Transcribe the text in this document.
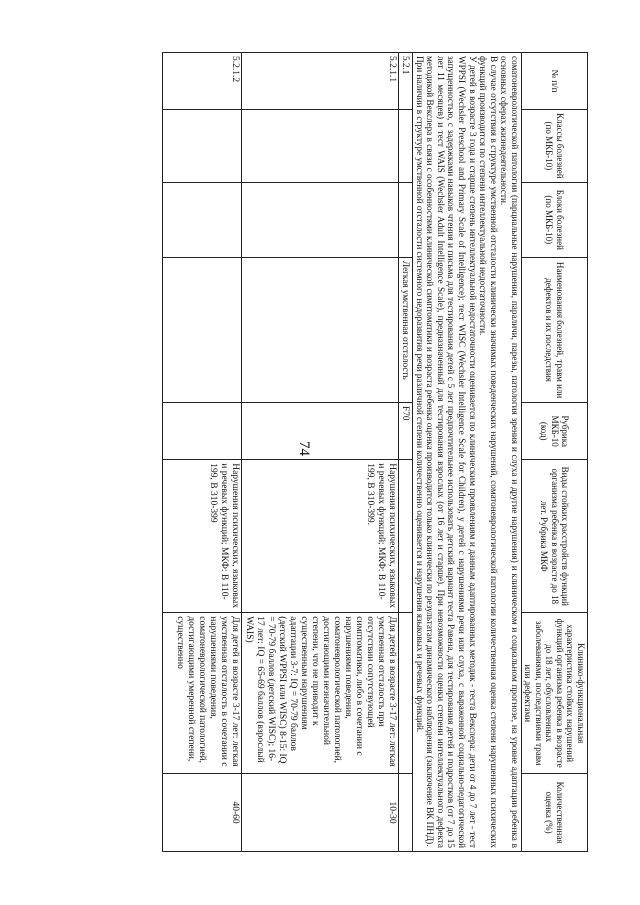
74
№ п/п	Классы болезней (по МКБ-10)	Блоки болезней (по МКБ-10)	Наименования болезней, травм или дефектов и их последствия	Рубрика МКБ-10 (код)	Виды стойких расстройств функций организма ребенка в возрасте до 18 лет. Рубрика МКФ	Клинико-функциональная характеристика стойких нарушений функций организма ребенка в возрасте до 18 лет, обусловленных заболеваниями, последствиями травм или дефектами	Количественная оценка (%)

соматоневрологической патологии (парциальные нарушения, параличи, парезы, патология зрения и слуха и другие нарушения) и клиническом и социальном прогнозе, на уровне адаптации ребенка в основных сферах жизнедеятельности.
В случае отсутствия в структуре умственной отсталости клинически значимых поведенческих нарушений, соматоневрологической патологии количественная оценка степени нарушенных психических функций производится по степени интеллектуальной недостаточности.
У детей в возрасте 3 года и старше степень интеллектуальной недостаточности оценивается по клиническим проявлениям и данным адаптированных методик - теста Векслера: дети от 4 до 7 лет - тест WPPSI (Wechsler Preschool and Primary Scale of Intelligence); тест WISC (Wechsler Intelligence Scale for Children), у детей с нарушениями речи или слуха, с выраженной социально-педагогической запущенностью, с задержками навыков чтения и письма для тестирования детей с 5 лет предпочтительнее использовать детский вариант теста Равена, для тестирования детей и подростков (от 7 до 15 лет 11 месяцев) и тест WAIS (Wechsler Adult Intelligence Scale), предназначенный для тестирования взрослых (от 16 лет и старше). При невозможности оценки степени интеллектуального дефекта методикой Векслера в связи с особенностями клинической симптоматики и возраста ребенка оценка производится только клинически по результатам динамического наблюдения (заключение ВК ПНД).
При наличии в структуре умственной отсталости системного недоразвития речи различной степени количественно оценивается и нарушения языковых и речевых функций.							

5.2.1			Легкая умственная отсталость	F70			
5.2.1.1					Нарушения психических, языковых и речевых функций; МКФ: В 110-199, В 310-399.	Для детей в возрасте 3-17 лет: легкая умственная отсталость при отсутствии сопутствующей симптоматики, либо в сочетании с нарушениями поведения, соматоневрологической патологией, достигающими незначительной степени, что не приводит к существенным нарушениям адаптации 3-7: IQ = 70-79 баллов (детский WPPSI или WISC) 8-15: IQ = 70-79 баллов (детский WISC); 16-17 лет: IQ = 65-69 баллов (взрослый WAIS)	10-30
5.2.1.2					Нарушения психических, языковых и речевых функций; МКФ: В 110-199, В 310-399	Для детей в возрасте 3-17 лет: легкая умственная отсталость в сочетании с нарушениями поведения, соматоневрологической патологией, достигающими умеренной степени, существенно	40-60
